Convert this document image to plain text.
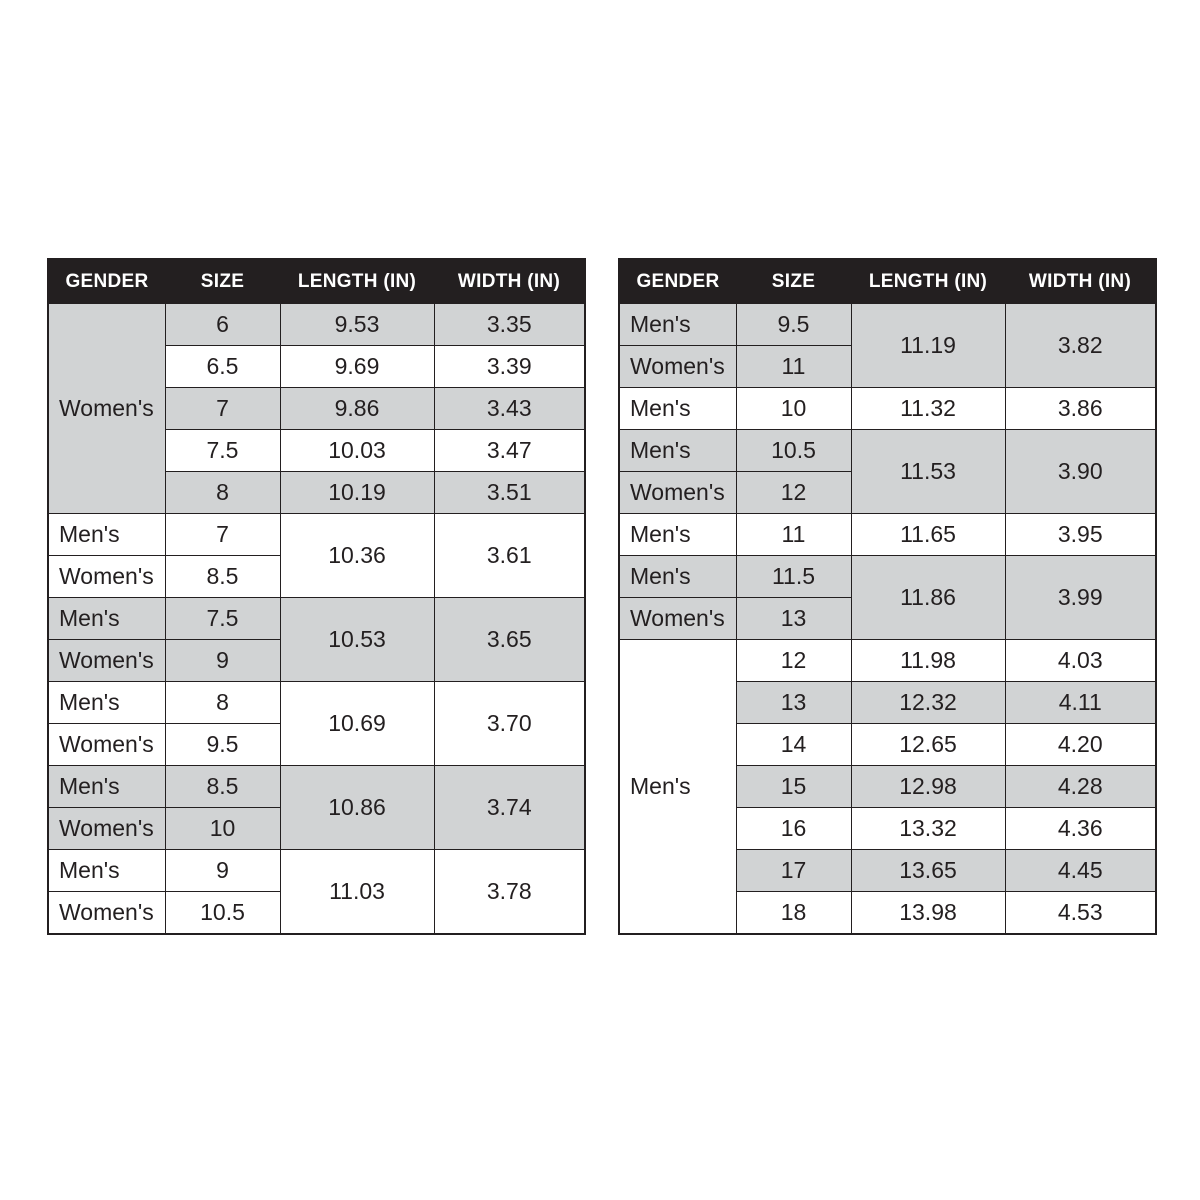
GENDER	SIZE	LENGTH (IN)	WIDTH (IN)
Women's	6	9.53	3.35
	6.5	9.69	3.39
	7	9.86	3.43
	7.5	10.03	3.47
	8	10.19	3.51
Men's	7	10.36	3.61
Women's	8.5		
Men's	7.5	10.53	3.65
Women's	9		
Men's	8	10.69	3.70
Women's	9.5		
Men's	8.5	10.86	3.74
Women's	10		
Men's	9	11.03	3.78
Women's	10.5		
GENDER	SIZE	LENGTH (IN)	WIDTH (IN)
Men's	9.5	11.19	3.82
Women's	11		
Men's	10	11.32	3.86
Men's	10.5	11.53	3.90
Women's	12		
Men's	11	11.65	3.95
Men's	11.5	11.86	3.99
Women's	13		
Men's	12	11.98	4.03
	13	12.32	4.11
	14	12.65	4.20
	15	12.98	4.28
	16	13.32	4.36
	17	13.65	4.45
	18	13.98	4.53
